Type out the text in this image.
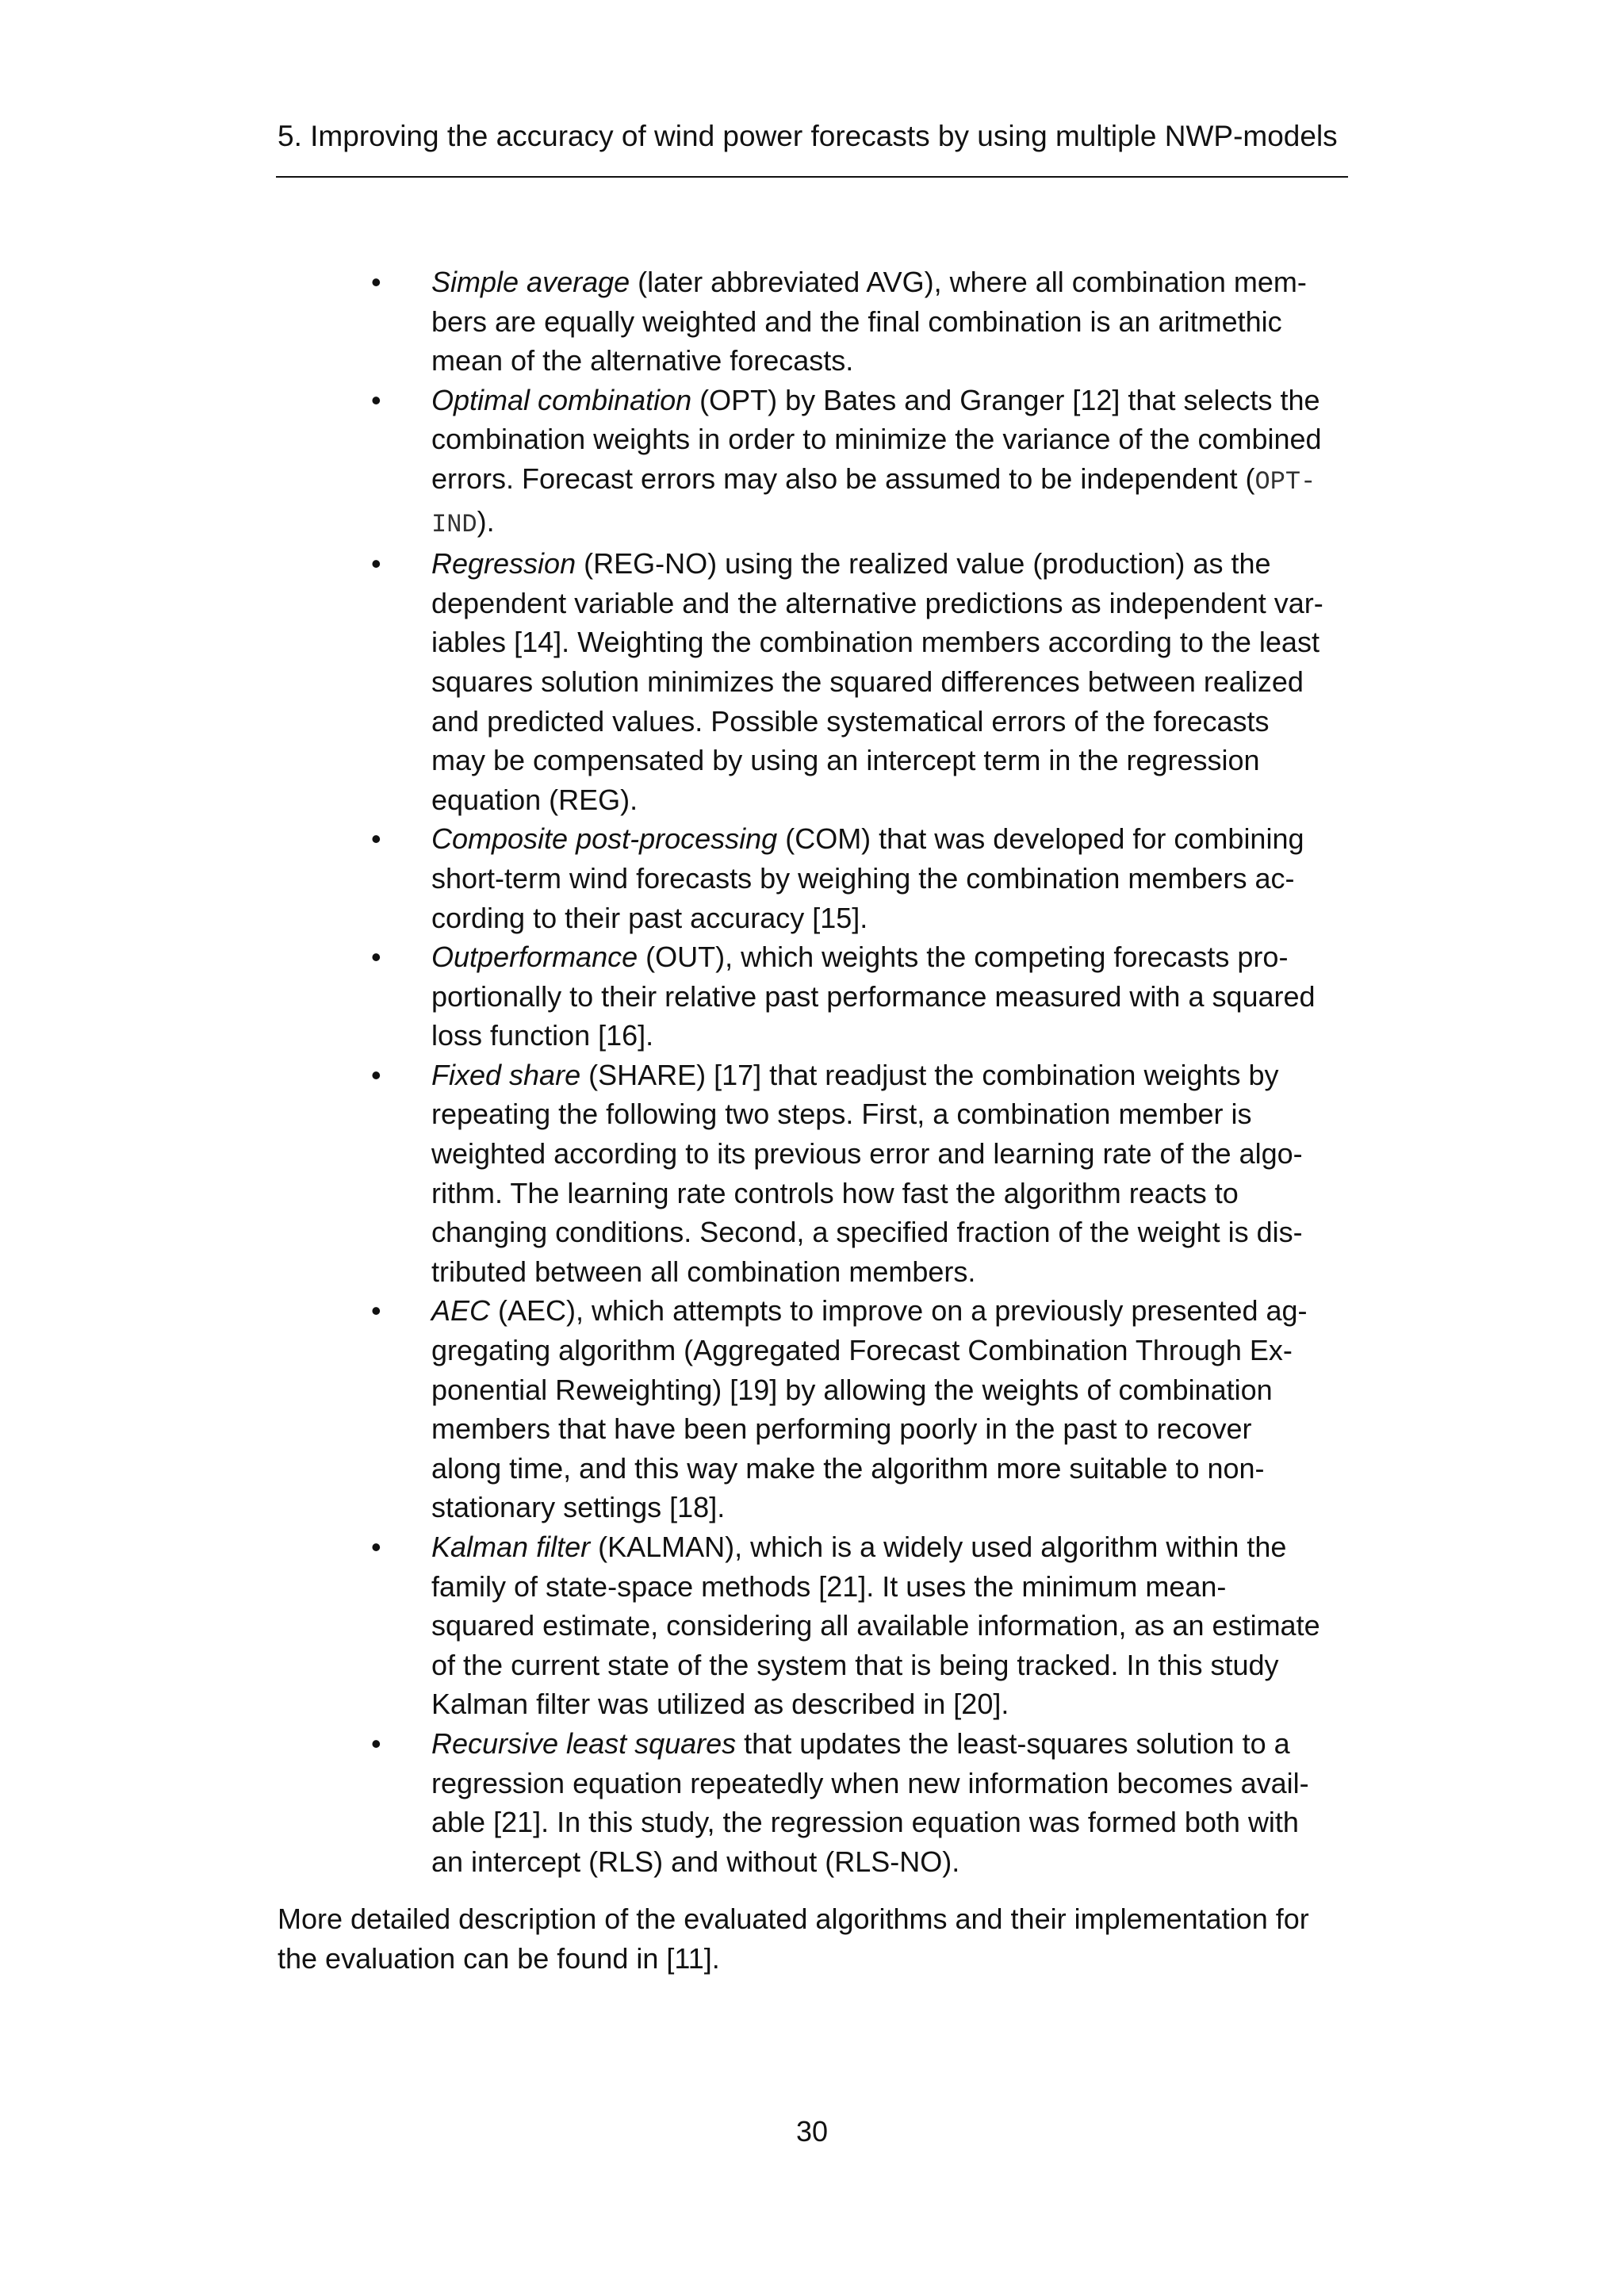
5. Improving the accuracy of wind power forecasts by using multiple NWP-models
• Simple average (later abbreviated AVG), where all combination mem-
bers are equally weighted and the final combination is an aritmethic
mean of the alternative forecasts.
• Optimal combination (OPT) by Bates and Granger [12] that selects the
combination weights in order to minimize the variance of the combined
errors. Forecast errors may also be assumed to be independent (OPT-
IND).
• Regression (REG-NO) using the realized value (production) as the
dependent variable and the alternative predictions as independent var-
iables [14]. Weighting the combination members according to the least
squares solution minimizes the squared differences between realized
and predicted values. Possible systematical errors of the forecasts
may be compensated by using an intercept term in the regression
equation (REG).
• Composite post-processing (COM) that was developed for combining
short-term wind forecasts by weighing the combination members ac-
cording to their past accuracy [15].
• Outperformance (OUT), which weights the competing forecasts pro-
portionally to their relative past performance measured with a squared
loss function [16].
• Fixed share (SHARE) [17] that readjust the combination weights by
repeating the following two steps. First, a combination member is
weighted according to its previous error and learning rate of the algo-
rithm. The learning rate controls how fast the algorithm reacts to
changing conditions. Second, a specified fraction of the weight is dis-
tributed between all combination members.
• AEC (AEC), which attempts to improve on a previously presented ag-
gregating algorithm (Aggregated Forecast Combination Through Ex-
ponential Reweighting) [19] by allowing the weights of combination
members that have been performing poorly in the past to recover
along time, and this way make the algorithm more suitable to non-
stationary settings [18].
• Kalman filter (KALMAN), which is a widely used algorithm within the
family of state-space methods [21]. It uses the minimum mean-
squared estimate, considering all available information, as an estimate
of the current state of the system that is being tracked. In this study
Kalman filter was utilized as described in [20].
• Recursive least squares that updates the least-squares solution to a
regression equation repeatedly when new information becomes avail-
able [21]. In this study, the regression equation was formed both with
an intercept (RLS) and without (RLS-NO).
More detailed description of the evaluated algorithms and their implementation for
the evaluation can be found in [11].
30
